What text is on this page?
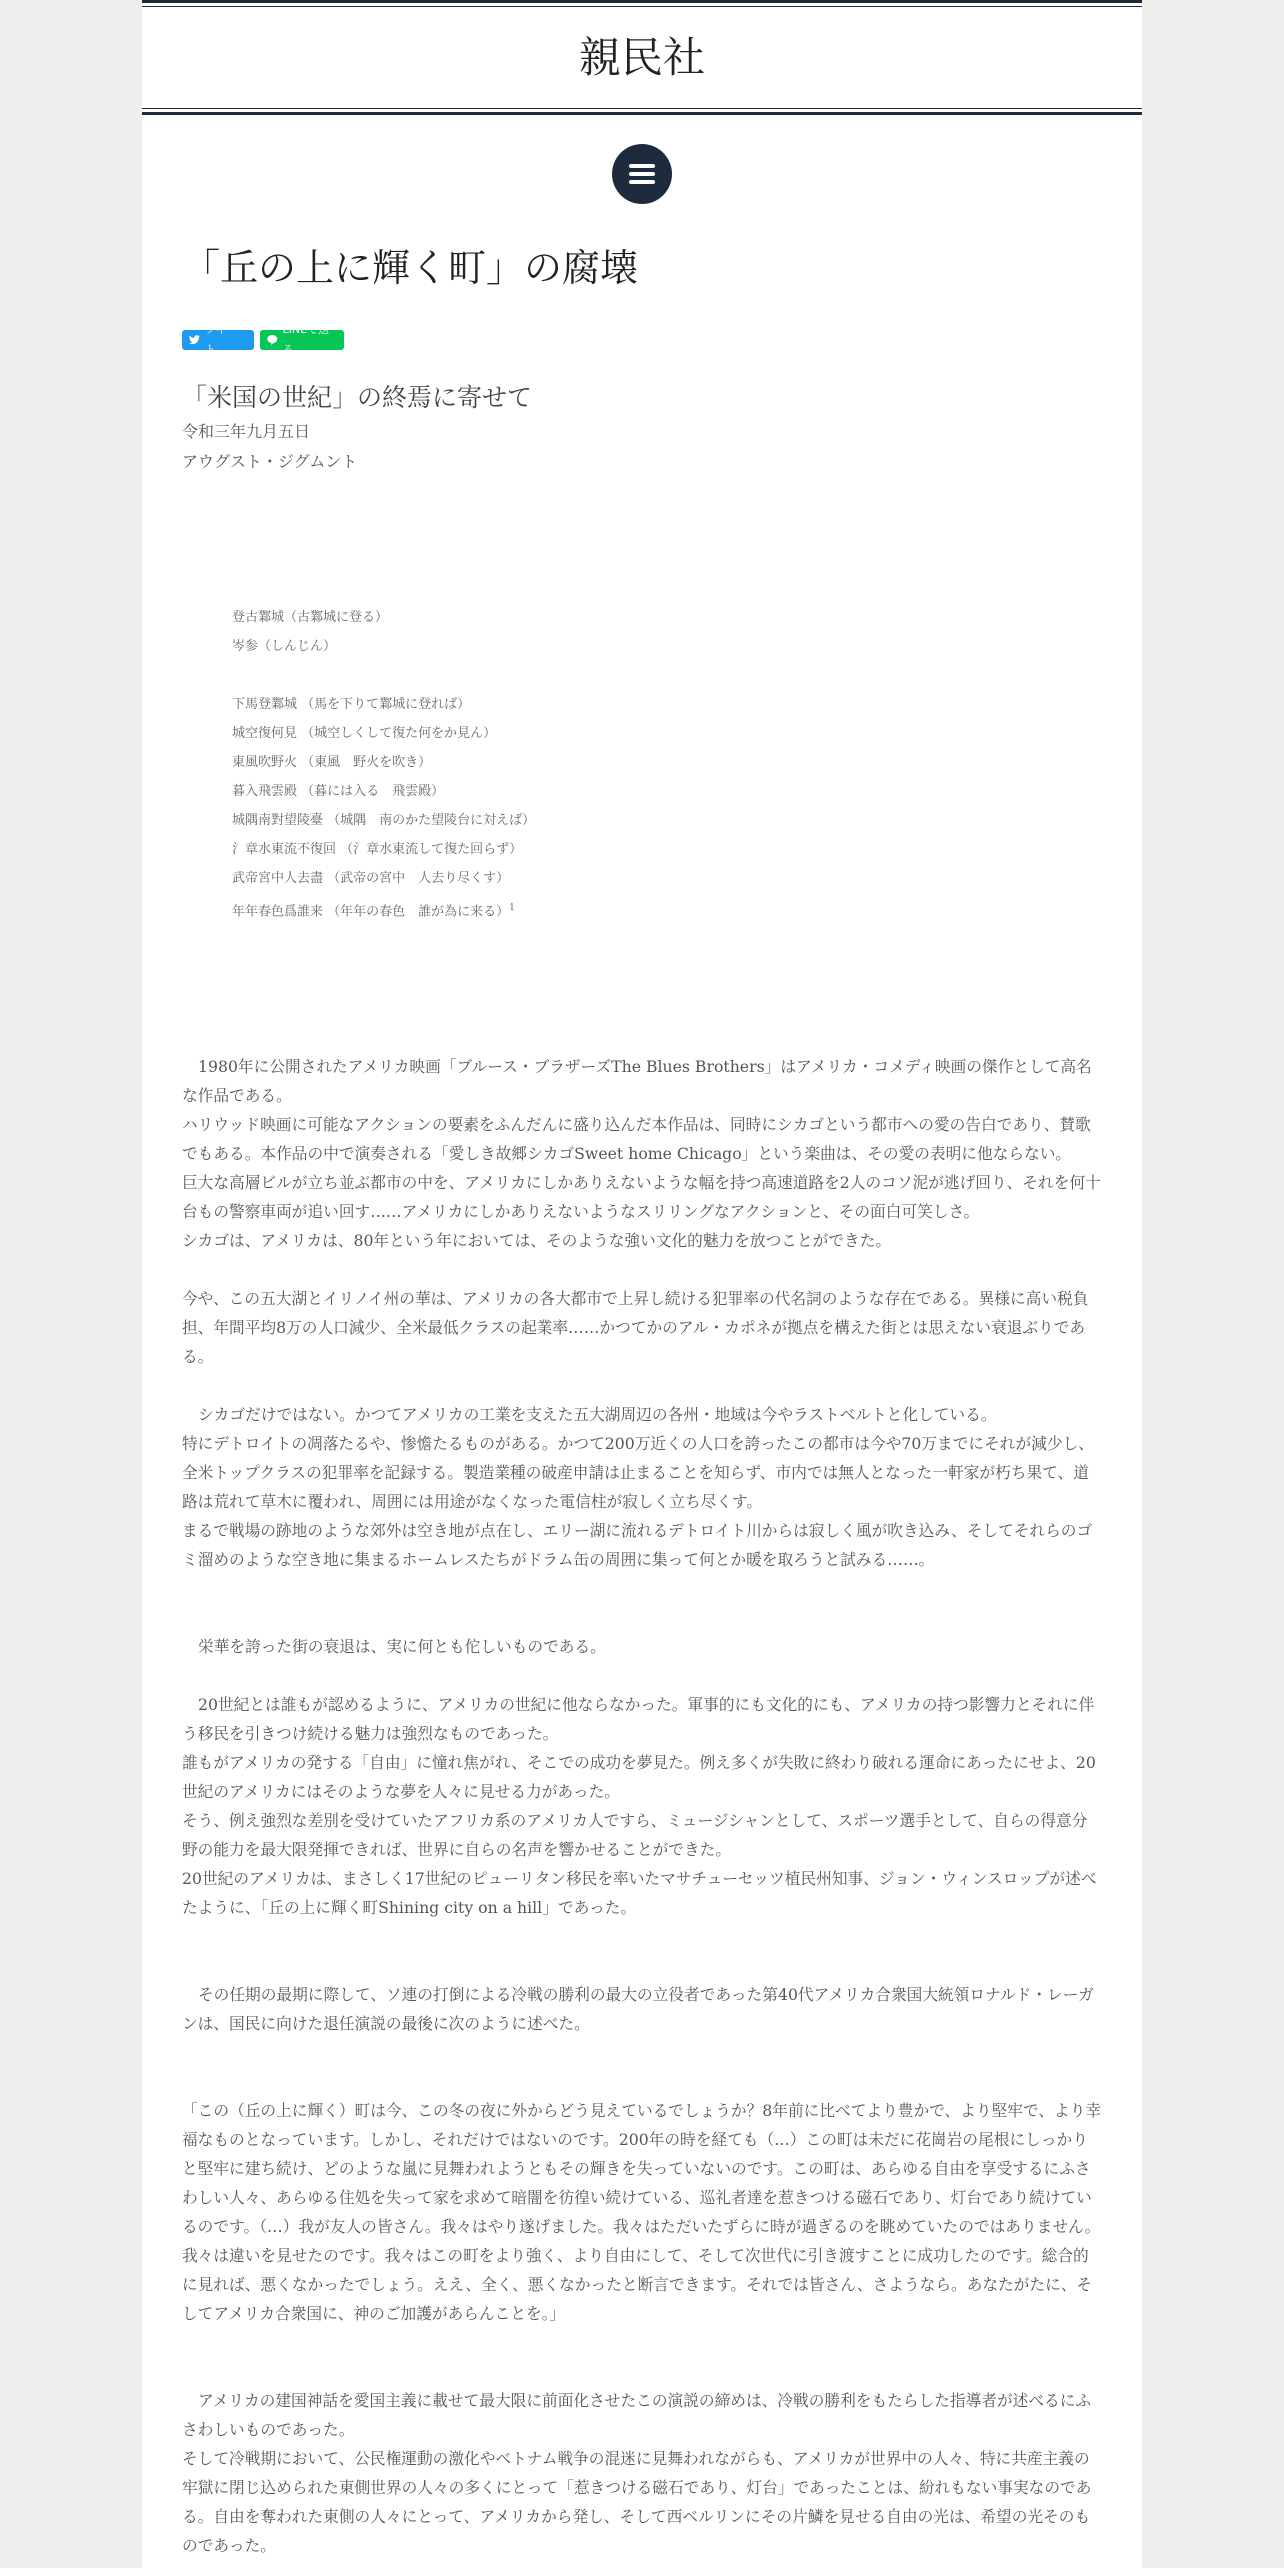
親民社
「丘の上に輝く町」の腐壊
ツイート
LINEで送る
「米国の世紀」の終焉に寄せて
令和三年九月五日
アウグスト・ジグムント
登古鄴城（古鄴城に登る）
岑参（しんじん）
下馬登鄴城 （馬を下りて鄴城に登れば）
城空復何見 （城空しくして復た何をか見ん）
東風吹野火 （東風　野火を吹き）
暮入飛雲殿 （暮には入る　飛雲殿）
城隅南對望陵臺 （城隅　南のかた望陵台に対えば）
氵章水東流不復回 （氵章水東流して復た回らず）
武帝宮中人去盡 （武帝の宮中　人去り尽くす）
年年春色爲誰来 （年年の春色　誰が為に来る）$^1$

1980年に公開されたアメリカ映画「ブルース・ブラザーズThe Blues Brothers」はアメリカ・コメディ映画の傑作として高名な作品である。

ハリウッド映画に可能なアクションの要素をふんだんに盛り込んだ本作品は、同時にシカゴという都市への愛の告白であり、賛歌でもある。本作品の中で演奏される「愛しき故郷シカゴSweet home Chicago」という楽曲は、その愛の表明に他ならない。

巨大な高層ビルが立ち並ぶ都市の中を、アメリカにしかありえないような幅を持つ高速道路を2人のコソ泥が逃げ回り、それを何十台もの警察車両が追い回す……アメリカにしかありえないようなスリリングなアクションと、その面白可笑しさ。

シカゴは、アメリカは、80年という年においては、そのような強い文化的魅力を放つことができた。

今や、この五大湖とイリノイ州の華は、アメリカの各大都市で上昇し続ける犯罪率の代名詞のような存在である。異様に高い税負担、年間平均8万の人口減少、全米最低クラスの起業率……かつてかのアル・カポネが拠点を構えた街とは思えない衰退ぶりである。

シカゴだけではない。かつてアメリカの工業を支えた五大湖周辺の各州・地域は今やラストベルトと化している。

特にデトロイトの凋落たるや、惨憺たるものがある。かつて200万近くの人口を誇ったこの都市は今や70万までにそれが減少し、全米トップクラスの犯罪率を記録する。製造業種の破産申請は止まることを知らず、市内では無人となった一軒家が朽ち果て、道路は荒れて草木に覆われ、周囲には用途がなくなった電信柱が寂しく立ち尽くす。

まるで戦場の跡地のような郊外は空き地が点在し、エリー湖に流れるデトロイト川からは寂しく風が吹き込み、そしてそれらのゴミ溜めのような空き地に集まるホームレスたちがドラム缶の周囲に集って何とか暖を取ろうと試みる……。

栄華を誇った街の衰退は、実に何とも佗しいものである。

20世紀とは誰もが認めるように、アメリカの世紀に他ならなかった。軍事的にも文化的にも、アメリカの持つ影響力とそれに伴う移民を引きつけ続ける魅力は強烈なものであった。

誰もがアメリカの発する「自由」に憧れ焦がれ、そこでの成功を夢見た。例え多くが失敗に終わり破れる運命にあったにせよ、20世紀のアメリカにはそのような夢を人々に見せる力があった。

そう、例え強烈な差別を受けていたアフリカ系のアメリカ人ですら、ミュージシャンとして、スポーツ選手として、自らの得意分野の能力を最大限発揮できれば、世界に自らの名声を響かせることができた。

20世紀のアメリカは、まさしく17世紀のピューリタン移民を率いたマサチューセッツ植民州知事、ジョン・ウィンスロップが述べたように、「丘の上に輝く町Shining city on a hill」であった。

その任期の最期に際して、ソ連の打倒による冷戦の勝利の最大の立役者であった第40代アメリカ合衆国大統領ロナルド・レーガンは、国民に向けた退任演説の最後に次のように述べた。

「この（丘の上に輝く）町は今、この冬の夜に外からどう見えているでしょうか？8年前に比べてより豊かで、より堅牢で、より幸福なものとなっています。しかし、それだけではないのです。200年の時を経ても（…）この町は未だに花崗岩の尾根にしっかりと堅牢に建ち続け、どのような嵐に見舞われようともその輝きを失っていないのです。この町は、あらゆる自由を享受するにふさわしい人々、あらゆる住処を失って家を求めて暗闇を彷徨い続けている、巡礼者達を惹きつける磁石であり、灯台であり続けているのです。（…）我が友人の皆さん。我々はやり遂げました。我々はただいたずらに時が過ぎるのを眺めていたのではありません。我々は違いを見せたのです。我々はこの町をより強く、より自由にして、そして次世代に引き渡すことに成功したのです。総合的に見れば、悪くなかったでしょう。ええ、全く、悪くなかったと断言できます。それでは皆さん、さようなら。あなたがたに、そしてアメリカ合衆国に、神のご加護があらんことを。」

アメリカの建国神話を愛国主義に載せて最大限に前面化させたこの演説の締めは、冷戦の勝利をもたらした指導者が述べるにふさわしいものであった。

そして冷戦期において、公民権運動の激化やベトナム戦争の混迷に見舞われながらも、アメリカが世界中の人々、特に共産主義の牢獄に閉じ込められた東側世界の人々の多くにとって「惹きつける磁石であり、灯台」であったことは、紛れもない事実なのである。自由を奪われた東側の人々にとって、アメリカから発し、そして西ベルリンにその片鱗を見せる自由の光は、希望の光そのものであった。
